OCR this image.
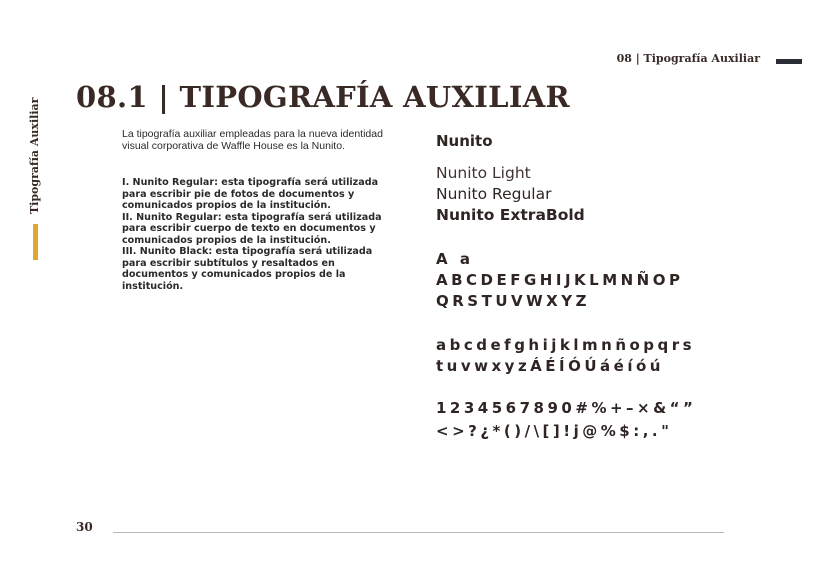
08 | Tipografía Auxiliar
Tipografía Auxiliar
08.1 | TIPOGRAFÍA AUXILIAR
La tipografía auxiliar empleadas para la nueva identidad visual corporativa de Waffle House es la Nunito.
I. Nunito Regular: esta tipografía será utilizada para escribir pie de fotos de documentos y comunicados propios de la institución.
II. Nunito Regular: esta tipografía será utilizada para escribir cuerpo de texto en documentos y comunicados propios de la institución.
III. Nunito Black: esta tipografía será utilizada para escribir subtítulos y resaltados en documentos y comunicados propios de la institución.
Nunito
Nunito Light
Nunito Regular
Nunito ExtraBold
A a
ABCDEFGHIJKLMNÑOP
QRSTUVWXYZ
abcdefghijklmnñopqrs
tuvwxyzÁÉÍÓÚáéíóú
1234567890#%+–×&“”
<>?¿*()/\[]!j@%$:,."
30
